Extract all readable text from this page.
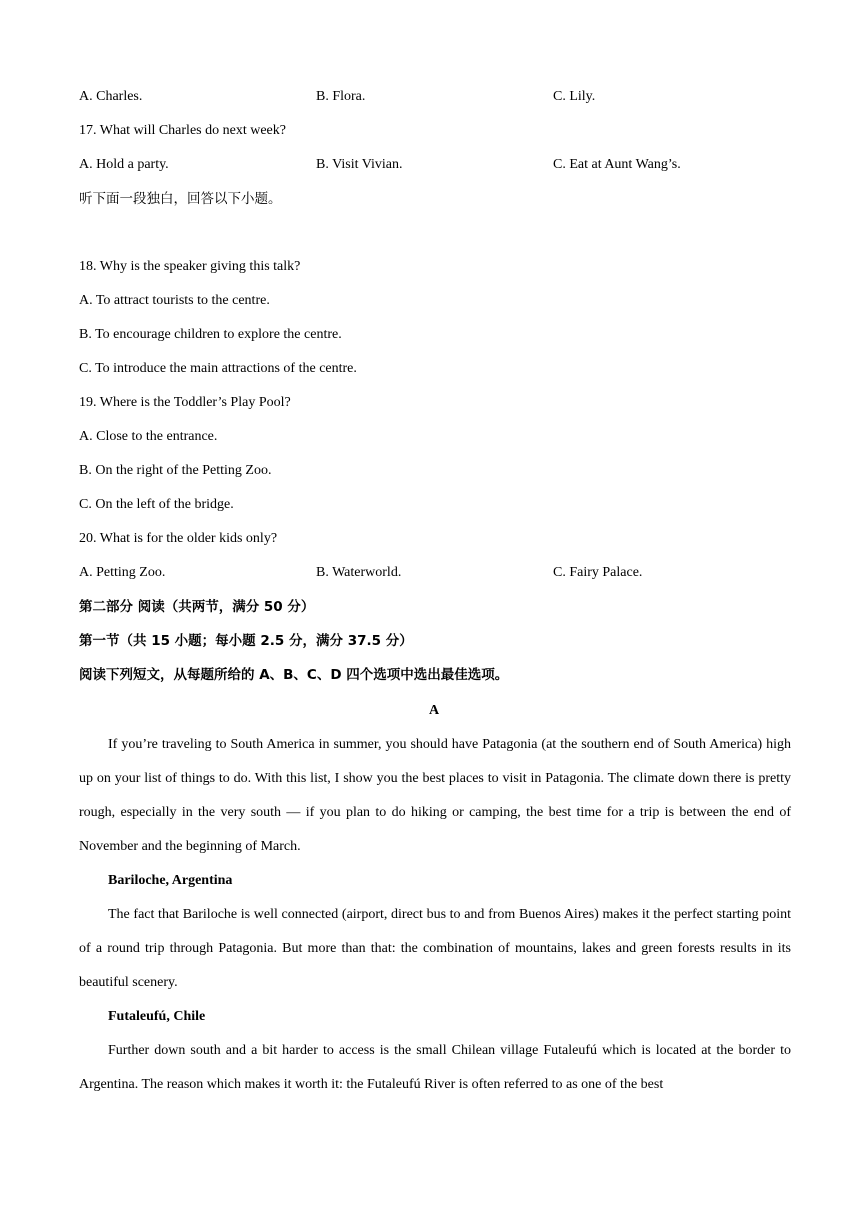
A. Charles.	B. Flora.	C. Lily.
17. What will Charles do next week?
A. Hold a party.	B. Visit Vivian.	C. Eat at Aunt Wang’s.
听下面一段独白，回答以下小题。
18. Why is the speaker giving this talk?
A. To attract tourists to the centre.
B. To encourage children to explore the centre.
C. To introduce the main attractions of the centre.
19. Where is the Toddler’s Play Pool?
A. Close to the entrance.
B. On the right of the Petting Zoo.
C. On the left of the bridge.
20. What is for the older kids only?
A. Petting Zoo.	B. Waterworld.	C. Fairy Palace.
第二部分 阅读（共两节，满分 50 分）
第一节（共 15 小题；每小题 2.5 分，满分 37.5 分）
阅读下列短文，从每题所给的 A、B、C、D 四个选项中选出最佳选项。
A
If you’re traveling to South America in summer, you should have Patagonia (at the southern end of South America) high up on your list of things to do. With this list, I show you the best places to visit in Patagonia. The climate down there is pretty rough, especially in the very south — if you plan to do hiking or camping, the best time for a trip is between the end of November and the beginning of March.
Bariloche, Argentina
The fact that Bariloche is well connected (airport, direct bus to and from Buenos Aires) makes it the perfect starting point of a round trip through Patagonia. But more than that: the combination of mountains, lakes and green forests results in its beautiful scenery.
Futaleufú, Chile
Further down south and a bit harder to access is the small Chilean village Futaleufú which is located at the border to Argentina. The reason which makes it worth it: the Futaleufú River is often referred to as one of the best
